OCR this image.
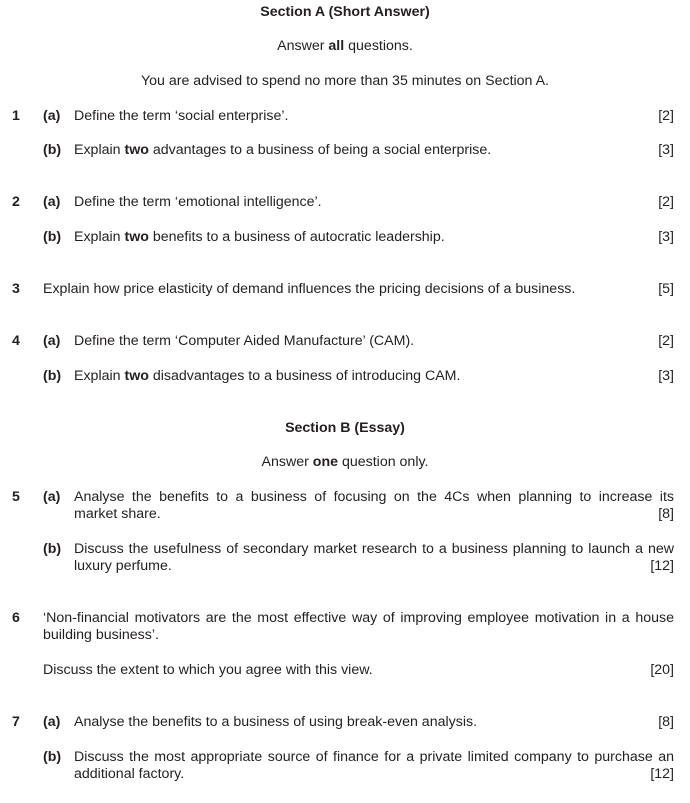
Section A (Short Answer)
Answer all questions.
You are advised to spend no more than 35 minutes on Section A.
1 (a) Define the term ‘social enterprise’.	[2]
(b) Explain two advantages to a business of being a social enterprise.	[3]
2 (a) Define the term ‘emotional intelligence’.	[2]
(b) Explain two benefits to a business of autocratic leadership.	[3]
3 Explain how price elasticity of demand influences the pricing decisions of a business.	[5]
4 (a) Define the term ‘Computer Aided Manufacture’ (CAM).	[2]
(b) Explain two disadvantages to a business of introducing CAM.	[3]
Section B (Essay)
Answer one question only.
5 (a) Analyse the benefits to a business of focusing on the 4Cs when planning to increase its
market share.	[8]
(b) Discuss the usefulness of secondary market research to a business planning to launch a new
luxury perfume.	[12]
6 ‘Non-financial motivators are the most effective way of improving employee motivation in a house
building business’.
Discuss the extent to which you agree with this view.	[20]
7 (a) Analyse the benefits to a business of using break-even analysis.	[8]
(b) Discuss the most appropriate source of finance for a private limited company to purchase an
additional factory.	[12]
